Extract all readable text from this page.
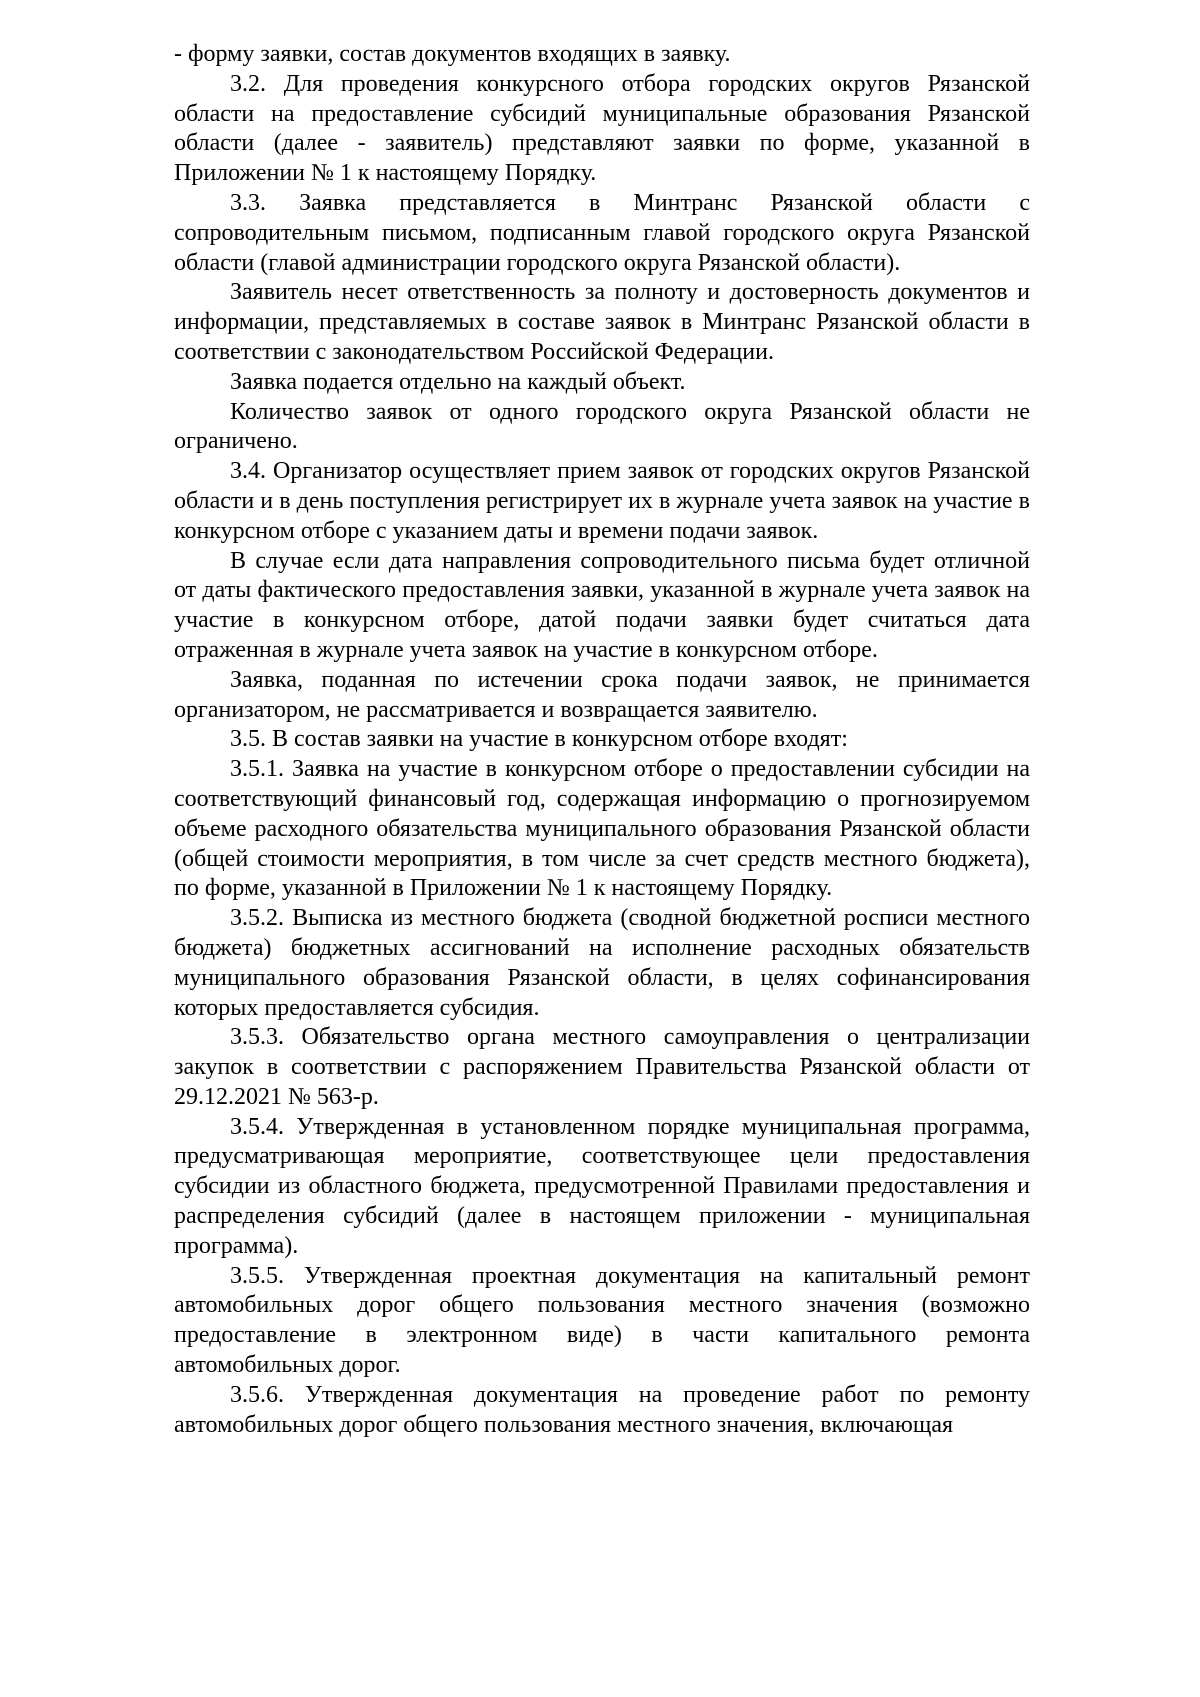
- форму заявки, состав документов входящих в заявку.

3.2. Для проведения конкурсного отбора городских округов Рязанской области на предоставление субсидий муниципальные образования Рязанской области (далее - заявитель) представляют заявки по форме, указанной в Приложении № 1 к настоящему Порядку.

3.3. Заявка представляется в Минтранс Рязанской области с сопроводительным письмом, подписанным главой городского округа Рязанской области (главой администрации городского округа Рязанской области).

Заявитель несет ответственность за полноту и достоверность документов и информации, представляемых в составе заявок в Минтранс Рязанской области в соответствии с законодательством Российской Федерации.

Заявка подается отдельно на каждый объект.

Количество заявок от одного городского округа Рязанской области не ограничено.

3.4. Организатор осуществляет прием заявок от городских округов Рязанской области и в день поступления регистрирует их в журнале учета заявок на участие в конкурсном отборе с указанием даты и времени подачи заявок.

В случае если дата направления сопроводительного письма будет отличной от даты фактического предоставления заявки, указанной в журнале учета заявок на участие в конкурсном отборе, датой подачи заявки будет считаться дата отраженная в журнале учета заявок на участие в конкурсном отборе.

Заявка, поданная по истечении срока подачи заявок, не принимается организатором, не рассматривается и возвращается заявителю.

3.5. В состав заявки на участие в конкурсном отборе входят:

3.5.1. Заявка на участие в конкурсном отборе о предоставлении субсидии на соответствующий финансовый год, содержащая информацию о прогнозируемом объеме расходного обязательства муниципального образования Рязанской области (общей стоимости мероприятия, в том числе за счет средств местного бюджета), по форме, указанной в Приложении № 1 к настоящему Порядку.

3.5.2. Выписка из местного бюджета (сводной бюджетной росписи местного бюджета) бюджетных ассигнований на исполнение расходных обязательств муниципального образования Рязанской области, в целях софинансирования которых предоставляется субсидия.

3.5.3. Обязательство органа местного самоуправления о централизации закупок в соответствии с распоряжением Правительства Рязанской области от 29.12.2021 № 563-р.

3.5.4. Утвержденная в установленном порядке муниципальная программа, предусматривающая мероприятие, соответствующее цели предоставления субсидии из областного бюджета, предусмотренной Правилами предоставления и распределения субсидий (далее в настоящем приложении - муниципальная программа).

3.5.5. Утвержденная проектная документация на капитальный ремонт автомобильных дорог общего пользования местного значения (возможно предоставление в электронном виде) в части капитального ремонта автомобильных дорог.

3.5.6. Утвержденная документация на проведение работ по ремонту автомобильных дорог общего пользования местного значения, включающая
